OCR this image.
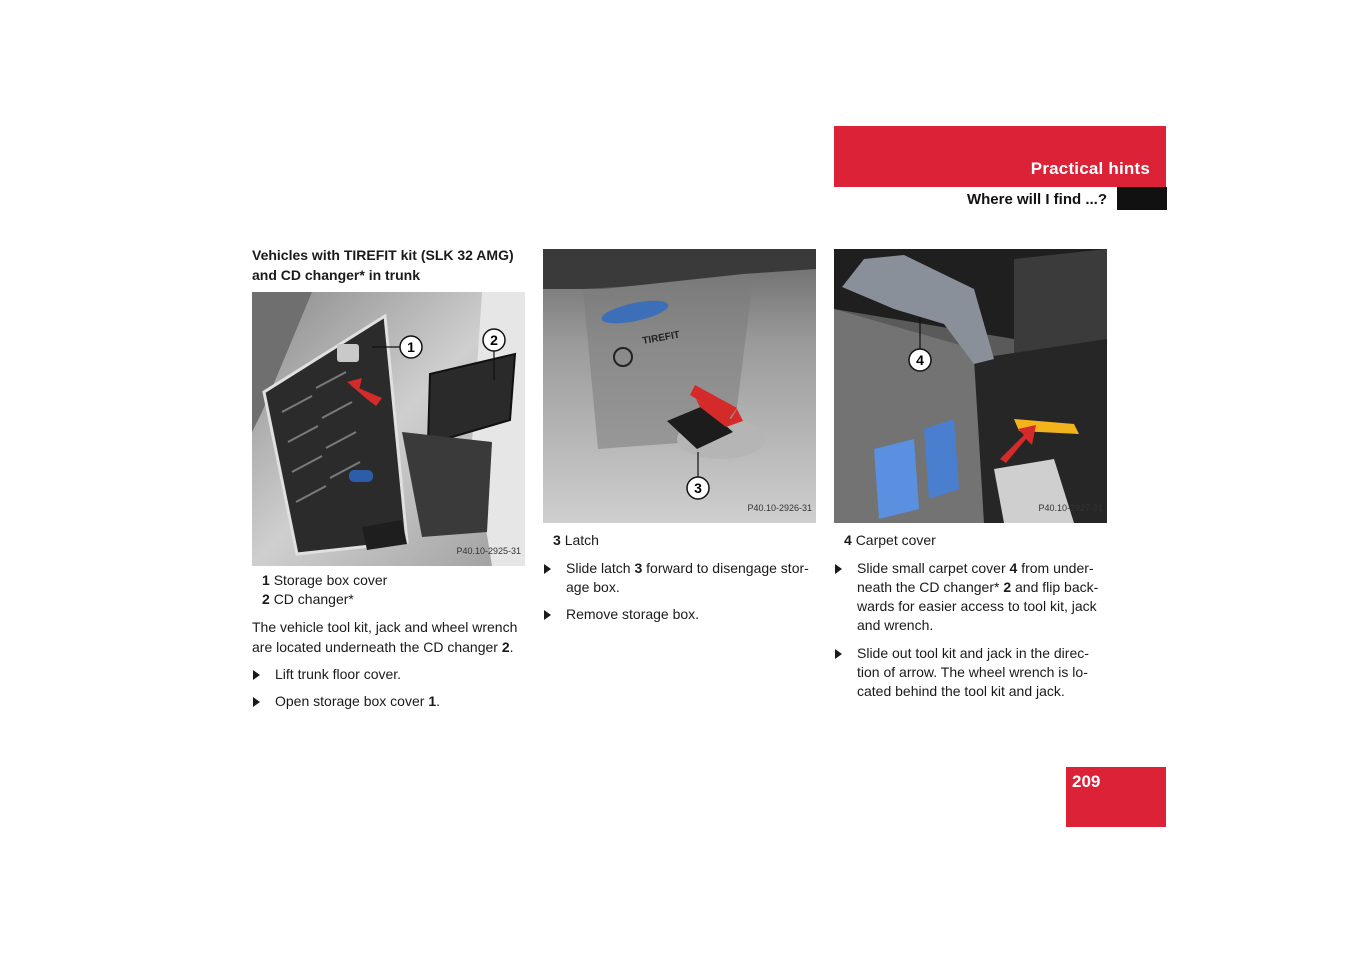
Practical hints
Where will I find ...?

Vehicles with TIREFIT kit (SLK 32 AMG)
and CD changer* in trunk

1	2
P40.10-2925-31
1 Storage box cover
2 CD changer*

The vehicle tool kit, jack and wheel wrench
are located underneath the CD changer 2.

Lift trunk floor cover.
Open storage box cover 1.
TIREFIT
3
P40.10-2926-31
3 Latch
Slide latch 3 forward to disengage stor-
age box.
Remove storage box.
4
P40.10-2927-31
4 Carpet cover
Slide small carpet cover 4 from under-
neath the CD changer* 2 and flip back-
wards for easier access to tool kit, jack
and wrench.
Slide out tool kit and jack in the direc-
tion of arrow. The wheel wrench is lo-
cated behind the tool kit and jack.
209
